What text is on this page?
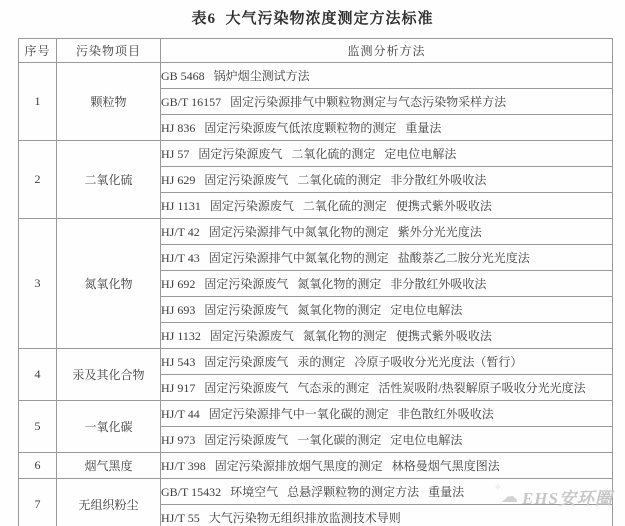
表6  大气污染物浓度测定方法标准
序号	污染物项目	监测分析方法
1	颗粒物	GB 5468   锅炉烟尘测试方法
		GB/T 16157   固定污染源排气中颗粒物测定与气态污染物采样方法
		HJ 836   固定污染源废气低浓度颗粒物的测定   重量法
2	二氧化硫	HJ 57   固定污染源废气   二氧化硫的测定   定电位电解法
		HJ 629   固定污染源废气   二氧化硫的测定   非分散红外吸收法
		HJ 1131   固定污染源废气   二氧化硫的测定   便携式紫外吸收法
3	氮氧化物	HJ/T 42   固定污染源排气中氮氧化物的测定   紫外分光光度法
		HJ/T 43   固定污染源排气中氮氧化物的测定   盐酸萘乙二胺分光光度法
		HJ 692   固定污染源废气   氮氧化物的测定   非分散红外吸收法
		HJ 693   固定污染源废气   氮氧化物的测定   定电位电解法
		HJ 1132   固定污染源废气   氮氧化物的测定   便携式紫外吸收法
4	汞及其化合物	HJ 543   固定污染源废气   汞的测定   冷原子吸收分光光度法（暂行）
		HJ 917   固定污染源废气   气态汞的测定   活性炭吸附/热裂解原子吸收分光光度法
5	一氧化碳	HJ/T 44   固定污染源排气中一氧化碳的测定   非色散红外吸收法
		HJ 973   固定污染源废气   一氧化碳的测定   定电位电解法
6	烟气黑度	HJ/T 398   固定污染源排放烟气黑度的测定   林格曼烟气黑度图法
7	无组织粉尘	GB/T 15432   环境空气   总悬浮颗粒物的测定方法   重量法
		HJ/T 55   大气污染物无组织排放监测技术导则
☁
✧
EHS安环圈
